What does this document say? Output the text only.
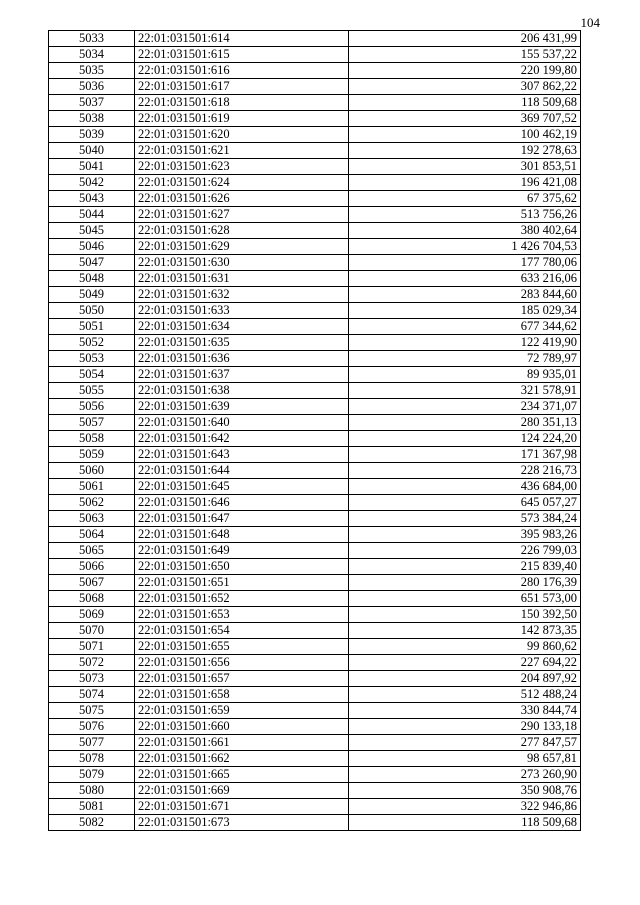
104
5033	22:01:031501:614	206 431,99
5034	22:01:031501:615	155 537,22
5035	22:01:031501:616	220 199,80
5036	22:01:031501:617	307 862,22
5037	22:01:031501:618	118 509,68
5038	22:01:031501:619	369 707,52
5039	22:01:031501:620	100 462,19
5040	22:01:031501:621	192 278,63
5041	22:01:031501:623	301 853,51
5042	22:01:031501:624	196 421,08
5043	22:01:031501:626	67 375,62
5044	22:01:031501:627	513 756,26
5045	22:01:031501:628	380 402,64
5046	22:01:031501:629	1 426 704,53
5047	22:01:031501:630	177 780,06
5048	22:01:031501:631	633 216,06
5049	22:01:031501:632	283 844,60
5050	22:01:031501:633	185 029,34
5051	22:01:031501:634	677 344,62
5052	22:01:031501:635	122 419,90
5053	22:01:031501:636	72 789,97
5054	22:01:031501:637	89 935,01
5055	22:01:031501:638	321 578,91
5056	22:01:031501:639	234 371,07
5057	22:01:031501:640	280 351,13
5058	22:01:031501:642	124 224,20
5059	22:01:031501:643	171 367,98
5060	22:01:031501:644	228 216,73
5061	22:01:031501:645	436 684,00
5062	22:01:031501:646	645 057,27
5063	22:01:031501:647	573 384,24
5064	22:01:031501:648	395 983,26
5065	22:01:031501:649	226 799,03
5066	22:01:031501:650	215 839,40
5067	22:01:031501:651	280 176,39
5068	22:01:031501:652	651 573,00
5069	22:01:031501:653	150 392,50
5070	22:01:031501:654	142 873,35
5071	22:01:031501:655	99 860,62
5072	22:01:031501:656	227 694,22
5073	22:01:031501:657	204 897,92
5074	22:01:031501:658	512 488,24
5075	22:01:031501:659	330 844,74
5076	22:01:031501:660	290 133,18
5077	22:01:031501:661	277 847,57
5078	22:01:031501:662	98 657,81
5079	22:01:031501:665	273 260,90
5080	22:01:031501:669	350 908,76
5081	22:01:031501:671	322 946,86
5082	22:01:031501:673	118 509,68
